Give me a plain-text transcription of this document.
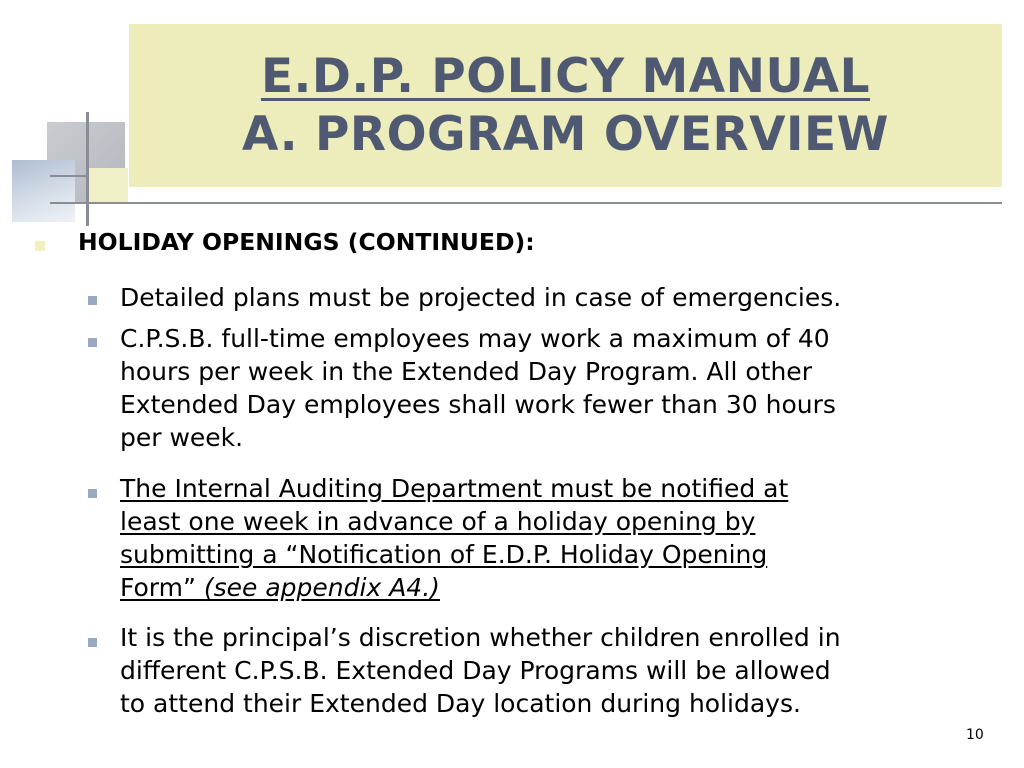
E.D.P. POLICY MANUAL
A. PROGRAM OVERVIEW
HOLIDAY OPENINGS (CONTINUED):
Detailed plans must be projected in case of emergencies.
C.P.S.B. full-time employees may work a maximum of 40
hours per week in the Extended Day Program. All other
Extended Day employees shall work fewer than 30 hours
per week.
The Internal Auditing Department must be notified at
least one week in advance of a holiday opening by
submitting a “Notification of E.D.P. Holiday Opening
Form” (see appendix A4.)
It is the principal’s discretion whether children enrolled in
different C.P.S.B. Extended Day Programs will be allowed
to attend their Extended Day location during holidays.
10
